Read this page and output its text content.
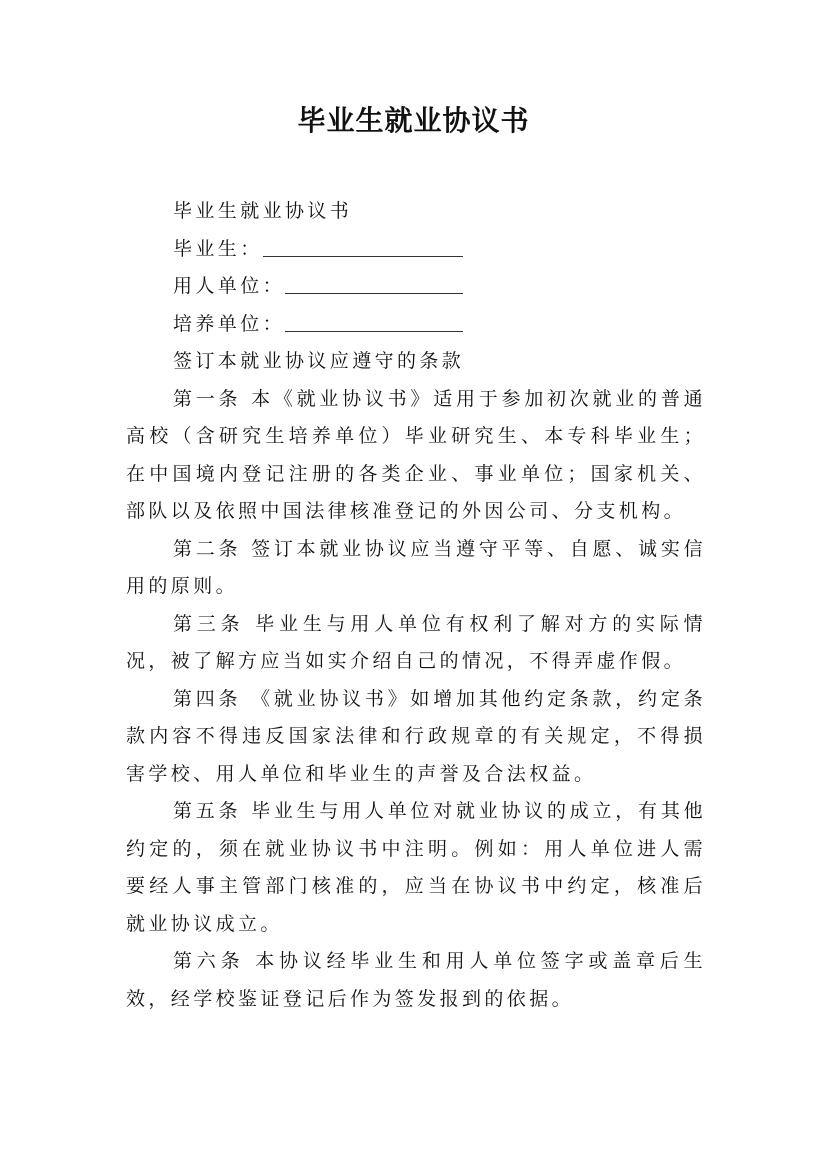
毕业生就业协议书

毕业生就业协议书

毕业生：

用人单位：

培养单位：

签订本就业协议应遵守的条款

第一条 本《就业协议书》适用于参加初次就业的普通高校（含研究生培养单位）毕业研究生、本专科毕业生；在中国境内登记注册的各类企业、事业单位；国家机关、部队以及依照中国法律核准登记的外因公司、分支机构。

第二条 签订本就业协议应当遵守平等、自愿、诚实信用的原则。

第三条 毕业生与用人单位有权利了解对方的实际情况，被了解方应当如实介绍自己的情况，不得弄虚作假。

第四条 《就业协议书》如增加其他约定条款，约定条款内容不得违反国家法律和行政规章的有关规定，不得损害学校、用人单位和毕业生的声誉及合法权益。

第五条 毕业生与用人单位对就业协议的成立，有其他约定的，须在就业协议书中注明。例如：用人单位进人需要经人事主管部门核准的，应当在协议书中约定，核准后就业协议成立。

第六条 本协议经毕业生和用人单位签字或盖章后生效，经学校鉴证登记后作为签发报到的依据。
